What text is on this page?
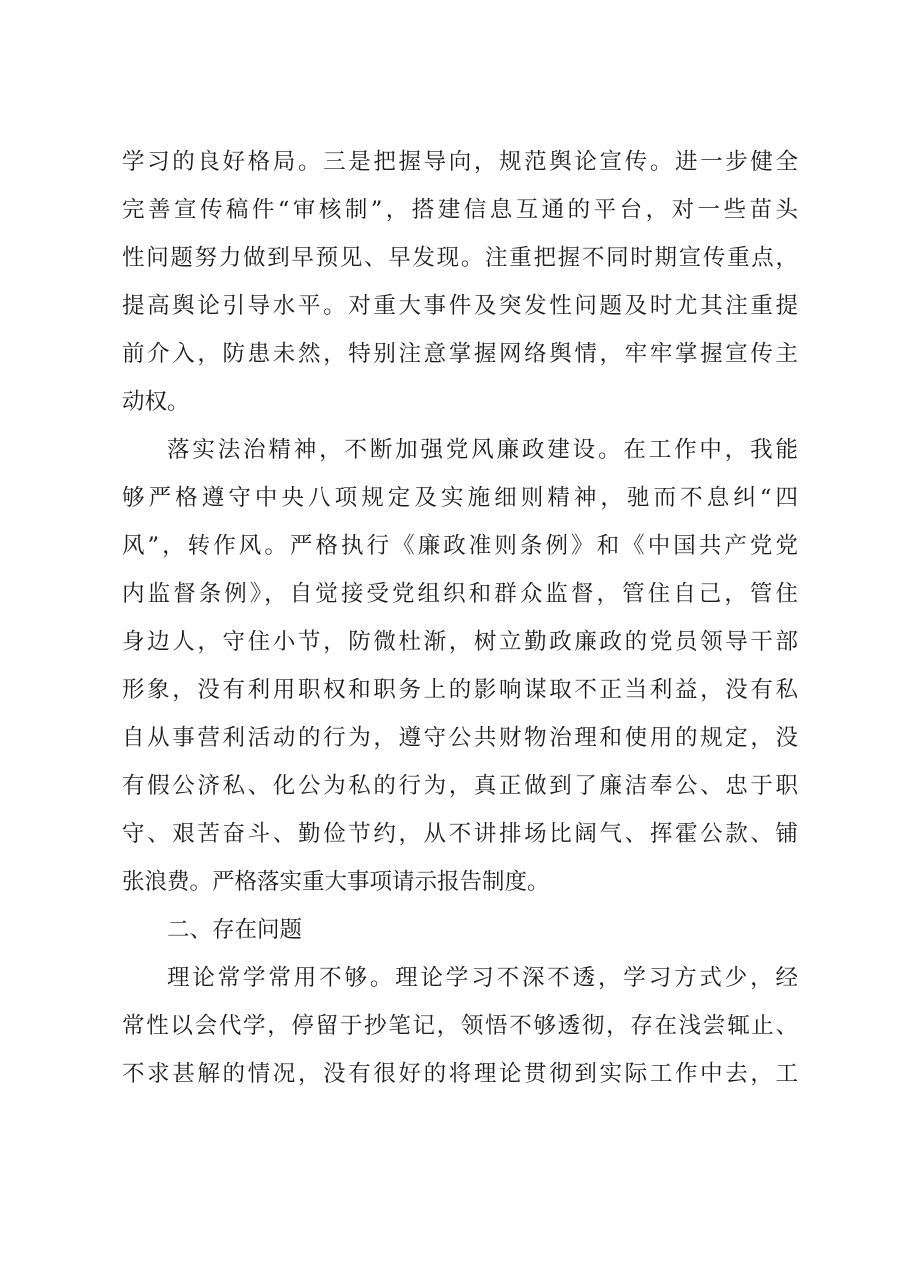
学习的良好格局。三是把握导向，规范舆论宣传。进一步健全
完善宣传稿件“审核制”，搭建信息互通的平台，对一些苗头
性问题努力做到早预见、早发现。注重把握不同时期宣传重点，
提高舆论引导水平。对重大事件及突发性问题及时尤其注重提
前介入，防患未然，特别注意掌握网络舆情，牢牢掌握宣传主
动权。
落实法治精神，不断加强党风廉政建设。在工作中，我能
够严格遵守中央八项规定及实施细则精神，驰而不息纠“四
风”，转作风。严格执行《廉政准则条例》和《中国共产党党
内监督条例》，自觉接受党组织和群众监督，管住自己，管住
身边人，守住小节，防微杜渐，树立勤政廉政的党员领导干部
形象，没有利用职权和职务上的影响谋取不正当利益，没有私
自从事营利活动的行为，遵守公共财物治理和使用的规定，没
有假公济私、化公为私的行为，真正做到了廉洁奉公、忠于职
守、艰苦奋斗、勤俭节约，从不讲排场比阔气、挥霍公款、铺
张浪费。严格落实重大事项请示报告制度。
二、存在问题
理论常学常用不够。理论学习不深不透，学习方式少，经
常性以会代学，停留于抄笔记，领悟不够透彻，存在浅尝辄止、
不求甚解的情况，没有很好的将理论贯彻到实际工作中去，工
